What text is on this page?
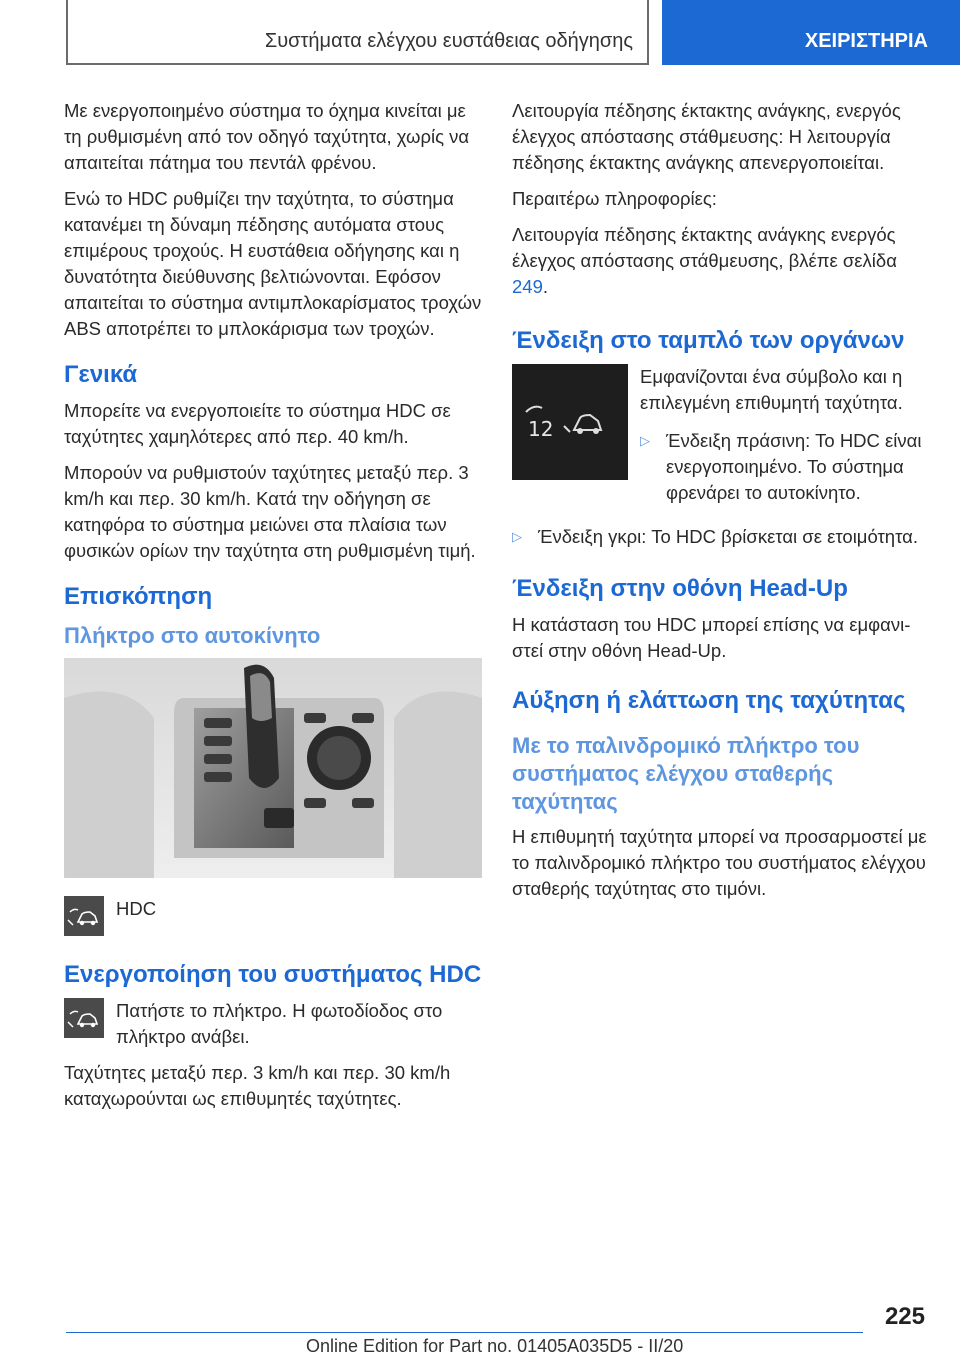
Συστήματα ελέγχου ευστάθειας οδήγησης	ΧΕΙΡΙΣΤΗΡΙΑ

Με ενεργοποιημένο σύστημα το όχημα κινείται με τη ρυθμισμένη από τον οδηγό ταχύτητα, χωρίς να απαιτείται πάτημα του πεντάλ φρένου.

Ενώ το HDC ρυθμίζει την ταχύτητα, το σύστημα κατανέμει τη δύναμη πέδησης αυτόματα στους επιμέρους τροχούς. Η ευστάθεια οδήγησης και η δυνατότητα διεύθυνσης βελτιώνονται. Εφόσον απαιτείται το σύστημα αντιμπλοκαρίσματος τροχών ABS αποτρέπει το μπλοκάρισμα των τροχών.

Γενικά

Μπορείτε να ενεργοποιείτε το σύστημα HDC σε ταχύτητες χαμηλότερες από περ. 40 km/h.

Μπορούν να ρυθμιστούν ταχύτητες μεταξύ περ. 3 km/h και περ. 30 km/h. Κατά την οδήγηση σε κατηφόρα το σύστημα μειώνει στα πλαίσια των φυσικών ορίων την ταχύτητα στη ρυθμισμένη τιμή.

Επισκόπηση
Πλήκτρο στο αυτοκίνητο
HDC
Ενεργοποίηση του συστήματος HDC
Πατήστε το πλήκτρο. Η φωτοδίοδος στο πλήκτρο ανάβει.

Ταχύτητες μεταξύ περ. 3 km/h και περ. 30 km/h καταχωρούνται ως επιθυμητές ταχύτητες.

Λειτουργία πέδησης έκτακτης ανάγκης, ενεργός έλεγχος απόστασης στάθμευσης: Η λειτουργία πέδησης έκτακτης ανάγκης απενεργοποιείται.

Περαιτέρω πληροφορίες:

Λειτουργία πέδησης έκτακτης ανάγκης ενεργός έλεγχος απόστασης στάθμευσης, βλέπε σελίδα 249.

Ένδειξη στο ταμπλό των οργάνων
12

Εμφανίζονται ένα σύμβολο και η επιλεγμένη επιθυμητή ταχύτητα.

▷ Ένδειξη πράσινη: Το HDC είναι ενεργοποιημένο. Το σύστημα φρενάρει το αυτοκίνητο.
▷ Ένδειξη γκρι: Το HDC βρίσκεται σε ετοιμότητα.
Ένδειξη στην οθόνη Head-Up

Η κατάσταση του HDC μπορεί επίσης να εμφανιστεί στην οθόνη Head-Up.

Αύξηση ή ελάττωση της ταχύτητας
Με το παλινδρομικό πλήκτρο του συστήματος ελέγχου σταθερής ταχύτητας

Η επιθυμητή ταχύτητα μπορεί να προσαρμοστεί με το παλινδρομικό πλήκτρο του συστήματος ελέγχου σταθερής ταχύτητας στο τιμόνι.

225
Online Edition for Part no. 01405A035D5 - II/20
